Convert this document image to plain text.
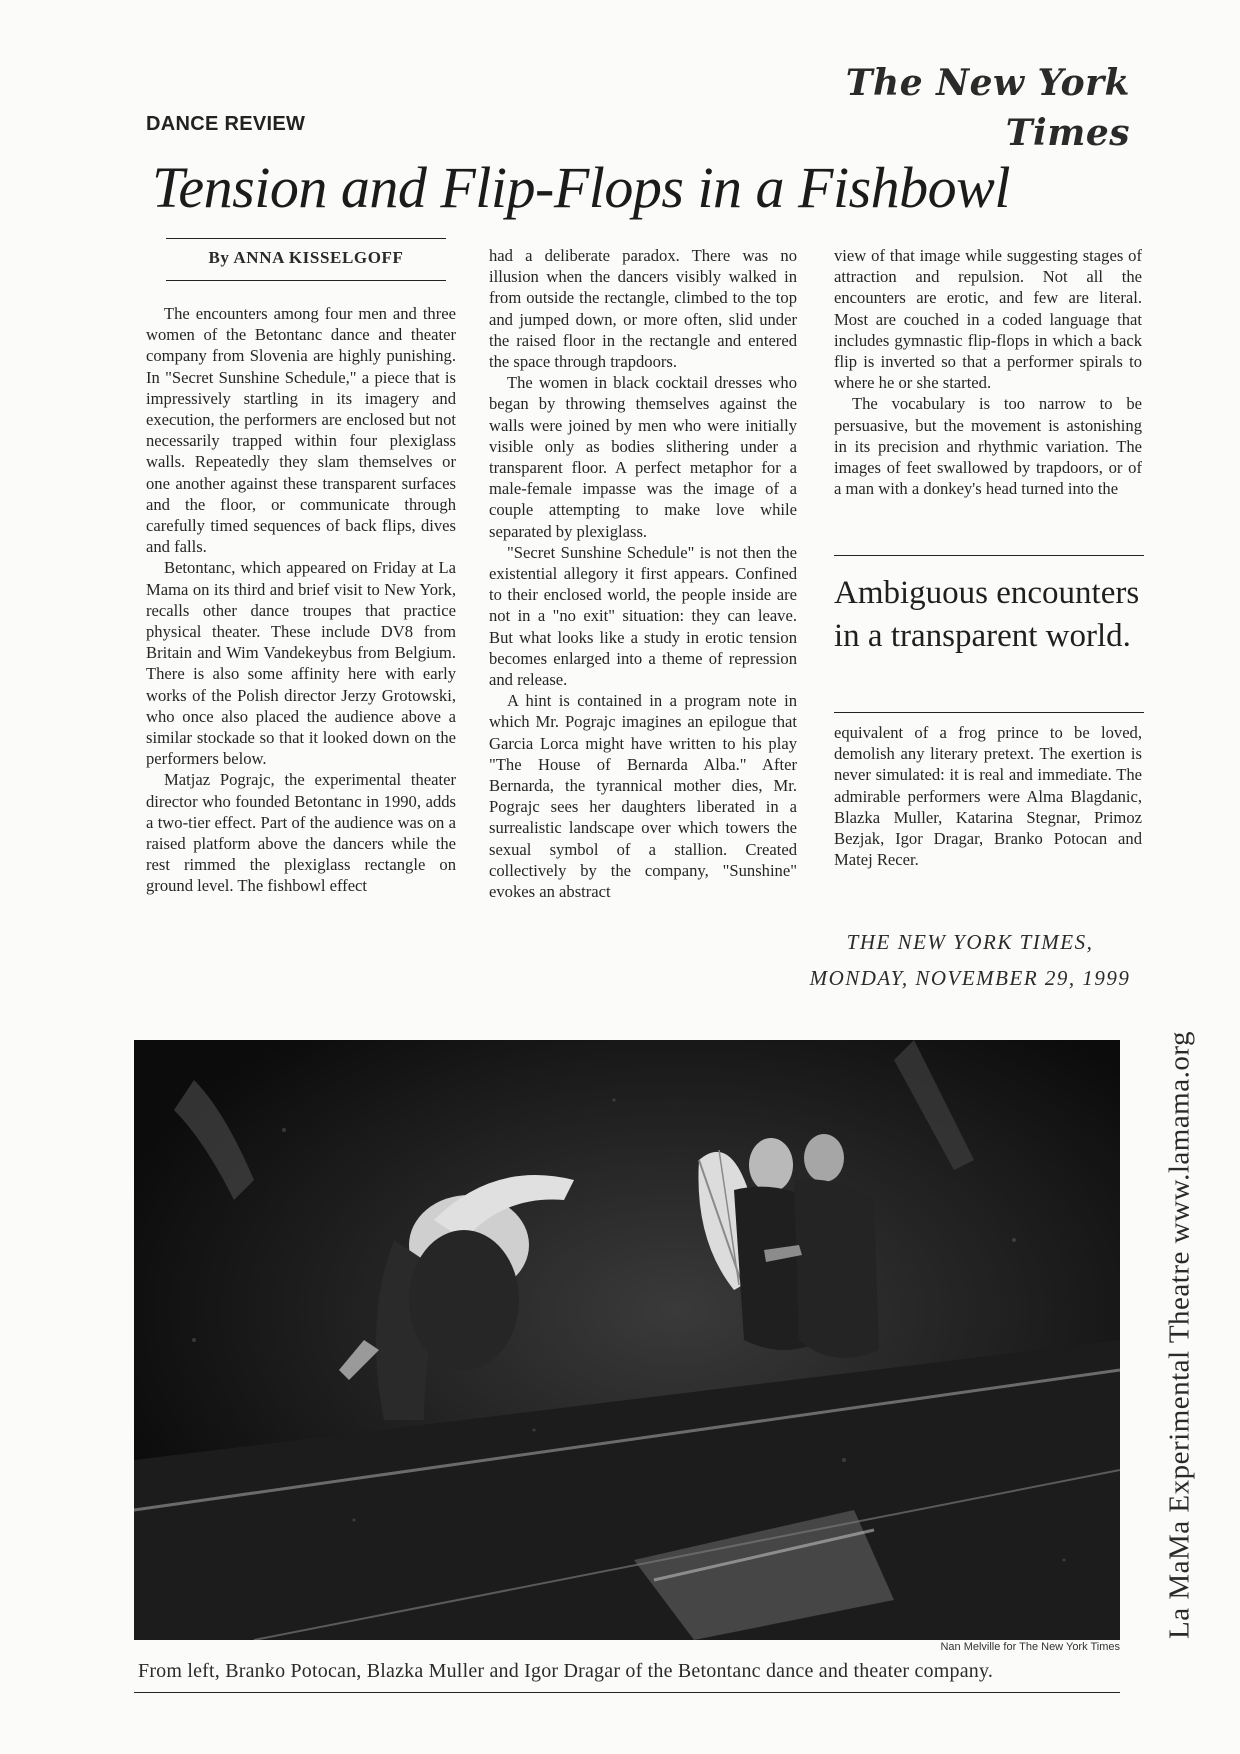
The New York Times
DANCE REVIEW
Tension and Flip-Flops in a Fishbowl
By ANNA KISSELGOFF

The encounters among four men and three women of the Betontanc dance and theater company from Slovenia are highly punishing. In "Secret Sunshine Schedule," a piece that is impressively startling in its imagery and execution, the performers are enclosed but not necessarily trapped within four plexiglass walls. Repeatedly they slam themselves or one another against these transparent surfaces and the floor, or communicate through carefully timed sequences of back flips, dives and falls.

Betontanc, which appeared on Friday at La Mama on its third and brief visit to New York, recalls other dance troupes that practice physical theater. These include DV8 from Britain and Wim Vandekeybus from Belgium. There is also some affinity here with early works of the Polish director Jerzy Grotowski, who once also placed the audience above a similar stockade so that it looked down on the performers below.

Matjaz Pograjc, the experimental theater director who founded Betontanc in 1990, adds a two-tier effect. Part of the audience was on a raised platform above the dancers while the rest rimmed the plexiglass rectangle on ground level. The fishbowl effect

had a deliberate paradox. There was no illusion when the dancers visibly walked in from outside the rectangle, climbed to the top and jumped down, or more often, slid under the raised floor in the rectangle and entered the space through trapdoors.

The women in black cocktail dresses who began by throwing themselves against the walls were joined by men who were initially visible only as bodies slithering under a transparent floor. A perfect metaphor for a male-female impasse was the image of a couple attempting to make love while separated by plexiglass.

"Secret Sunshine Schedule" is not then the existential allegory it first appears. Confined to their enclosed world, the people inside are not in a "no exit" situation: they can leave. But what looks like a study in erotic tension becomes enlarged into a theme of repression and release.

A hint is contained in a program note in which Mr. Pograjc imagines an epilogue that Garcia Lorca might have written to his play "The House of Bernarda Alba." After Bernarda, the tyrannical mother dies, Mr. Pograjc sees her daughters liberated in a surrealistic landscape over which towers the sexual symbol of a stallion. Created collectively by the company, "Sunshine" evokes an abstract

view of that image while suggesting stages of attraction and repulsion. Not all the encounters are erotic, and few are literal. Most are couched in a coded language that includes gymnastic flip-flops in which a back flip is inverted so that a performer spirals to where he or she started.

The vocabulary is too narrow to be persuasive, but the movement is astonishing in its precision and rhythmic variation. The images of feet swallowed by trapdoors, or of a man with a donkey's head turned into the

Ambiguous encounters in a transparent world.

equivalent of a frog prince to be loved, demolish any literary pretext. The exertion is never simulated: it is real and immediate. The admirable performers were Alma Blagdanic, Blazka Muller, Katarina Stegnar, Primoz Bezjak, Igor Dragar, Branko Potocan and Matej Recer.

THE NEW YORK TIMES,
MONDAY, NOVEMBER 29, 1999
Nan Melville for The New York Times
From left, Branko Potocan, Blazka Muller and Igor Dragar of the Betontanc dance and theater company.
La MaMa Experimental Theatre www.lamama.org
